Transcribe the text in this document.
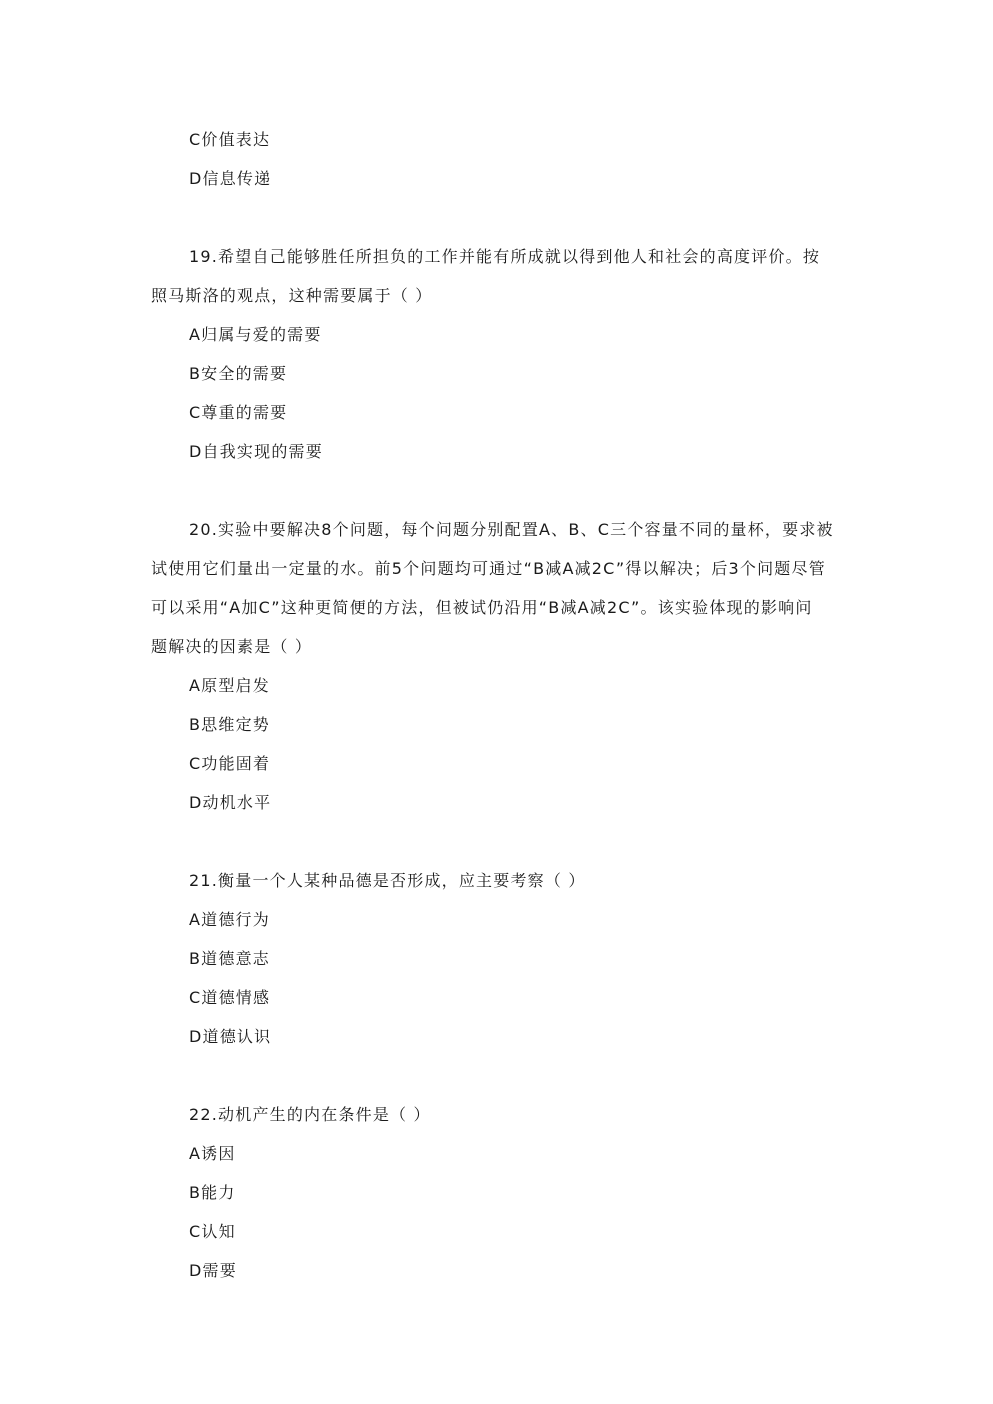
C价值表达
D信息传递
19.希望自己能够胜任所担负的工作并能有所成就以得到他人和社会的高度评价。按
照马斯洛的观点，这种需要属于（ ）
A归属与爱的需要
B安全的需要
C尊重的需要
D自我实现的需要
20.实验中要解决8个问题，每个问题分别配置A、B、C三个容量不同的量杯，要求被
试使用它们量出一定量的水。前5个问题均可通过“B减A减2C”得以解决；后3个问题尽管
可以采用“A加C”这种更简便的方法，但被试仍沿用“B减A减2C”。该实验体现的影响问
题解决的因素是（ ）
A原型启发
B思维定势
C功能固着
D动机水平
21.衡量一个人某种品德是否形成，应主要考察（ ）
A道德行为
B道德意志
C道德情感
D道德认识
22.动机产生的内在条件是（ ）
A诱因
B能力
C认知
D需要
